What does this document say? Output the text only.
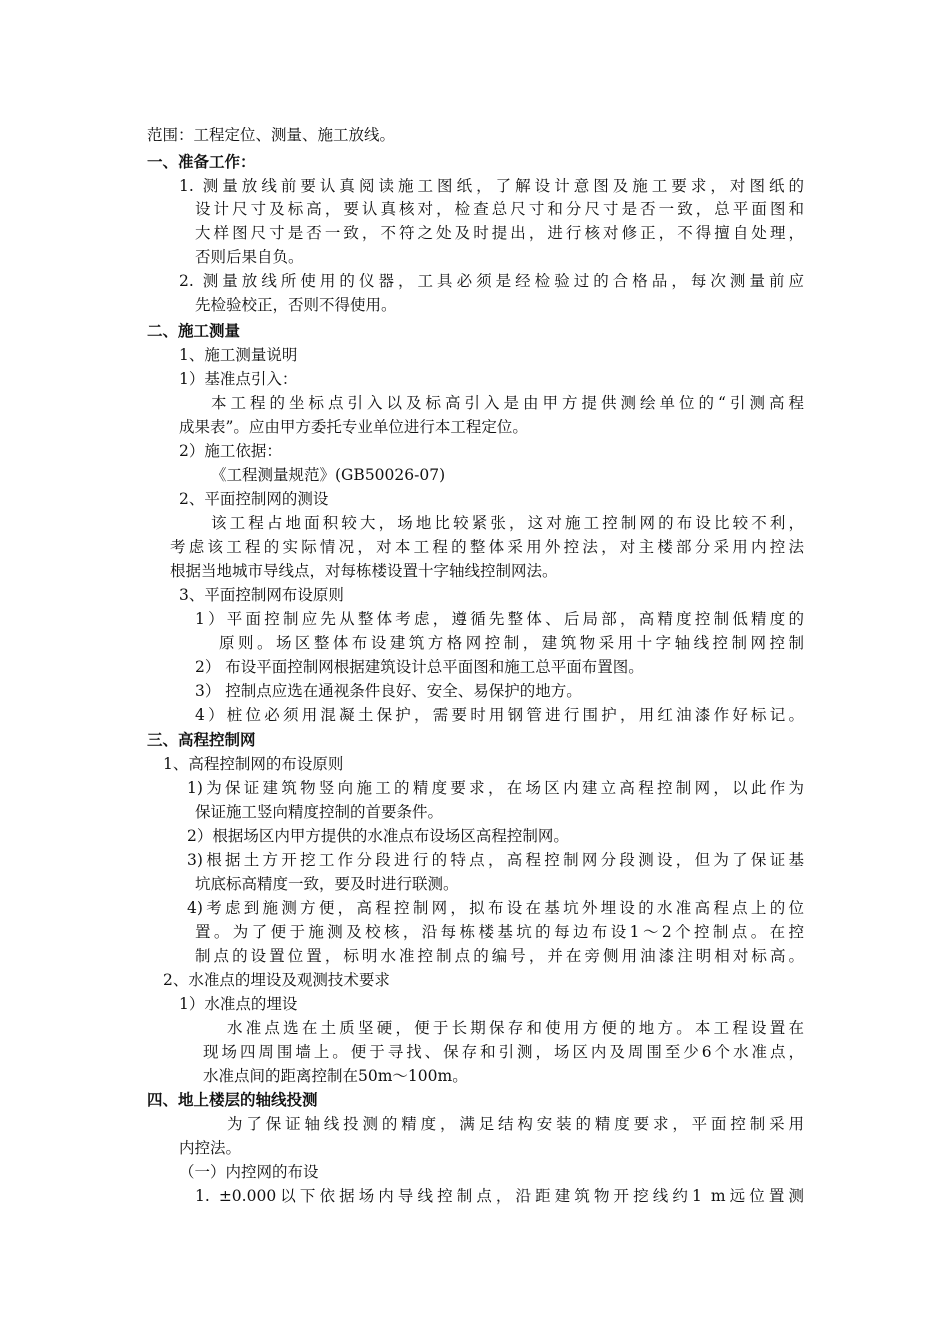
范围：工程定位、测量、施工放线。
一、准备工作：
1. 测量放线前要认真阅读施工图纸，了解设计意图及施工要求，对图纸的
设计尺寸及标高，要认真核对，检查总尺寸和分尺寸是否一致，总平面图和
大样图尺寸是否一致，不符之处及时提出，进行核对修正，不得擅自处理，
否则后果自负。
2. 测量放线所使用的仪器，工具必须是经检验过的合格品，每次测量前应
先检验校正，否则不得使用。
二、施工测量
1、施工测量说明
1）基准点引入：
本工程的坐标点引入以及标高引入是由甲方提供测绘单位的“引测高程
成果表”。应由甲方委托专业单位进行本工程定位。
2）施工依据：
《工程测量规范》(GB50026-07)
2、平面控制网的测设
该工程占地面积较大，场地比较紧张，这对施工控制网的布设比较不利，
考虑该工程的实际情况，对本工程的整体采用外控法，对主楼部分采用内控法
根据当地城市导线点，对每栋楼设置十字轴线控制网法。
3、平面控制网布设原则
1）平面控制应先从整体考虑，遵循先整体、后局部，高精度控制低精度的
原则。场区整体布设建筑方格网控制，建筑物采用十字轴线控制网控制
2） 布设平面控制网根据建筑设计总平面图和施工总平面布置图。
3） 控制点应选在通视条件良好、安全、易保护的地方。
4）桩位必须用混凝土保护，需要时用钢管进行围护，用红油漆作好标记。
三、高程控制网
1、高程控制网的布设原则
1)为保证建筑物竖向施工的精度要求，在场区内建立高程控制网，以此作为
保证施工竖向精度控制的首要条件。
2）根据场区内甲方提供的水准点布设场区高程控制网。
3)根据土方开挖工作分段进行的特点，高程控制网分段测设，但为了保证基
坑底标高精度一致，要及时进行联测。
4)考虑到施测方便，高程控制网，拟布设在基坑外埋设的水准高程点上的位
置。为了便于施测及校核，沿每栋楼基坑的每边布设1～2个控制点。在控
制点的设置位置，标明水准控制点的编号，并在旁侧用油漆注明相对标高。
2、水准点的埋设及观测技术要求
1）水准点的埋设
水准点选在土质坚硬，便于长期保存和使用方便的地方。本工程设置在
现场四周围墙上。便于寻找、保存和引测，场区内及周围至少6个水准点，
水准点间的距离控制在50m～100m。
四、地上楼层的轴线投测
为了保证轴线投测的精度，满足结构安装的精度要求，平面控制采用
内控法。
（一）内控网的布设
1. ±0.000以下依据场内导线控制点，沿距建筑物开挖线约1 m远位置测
